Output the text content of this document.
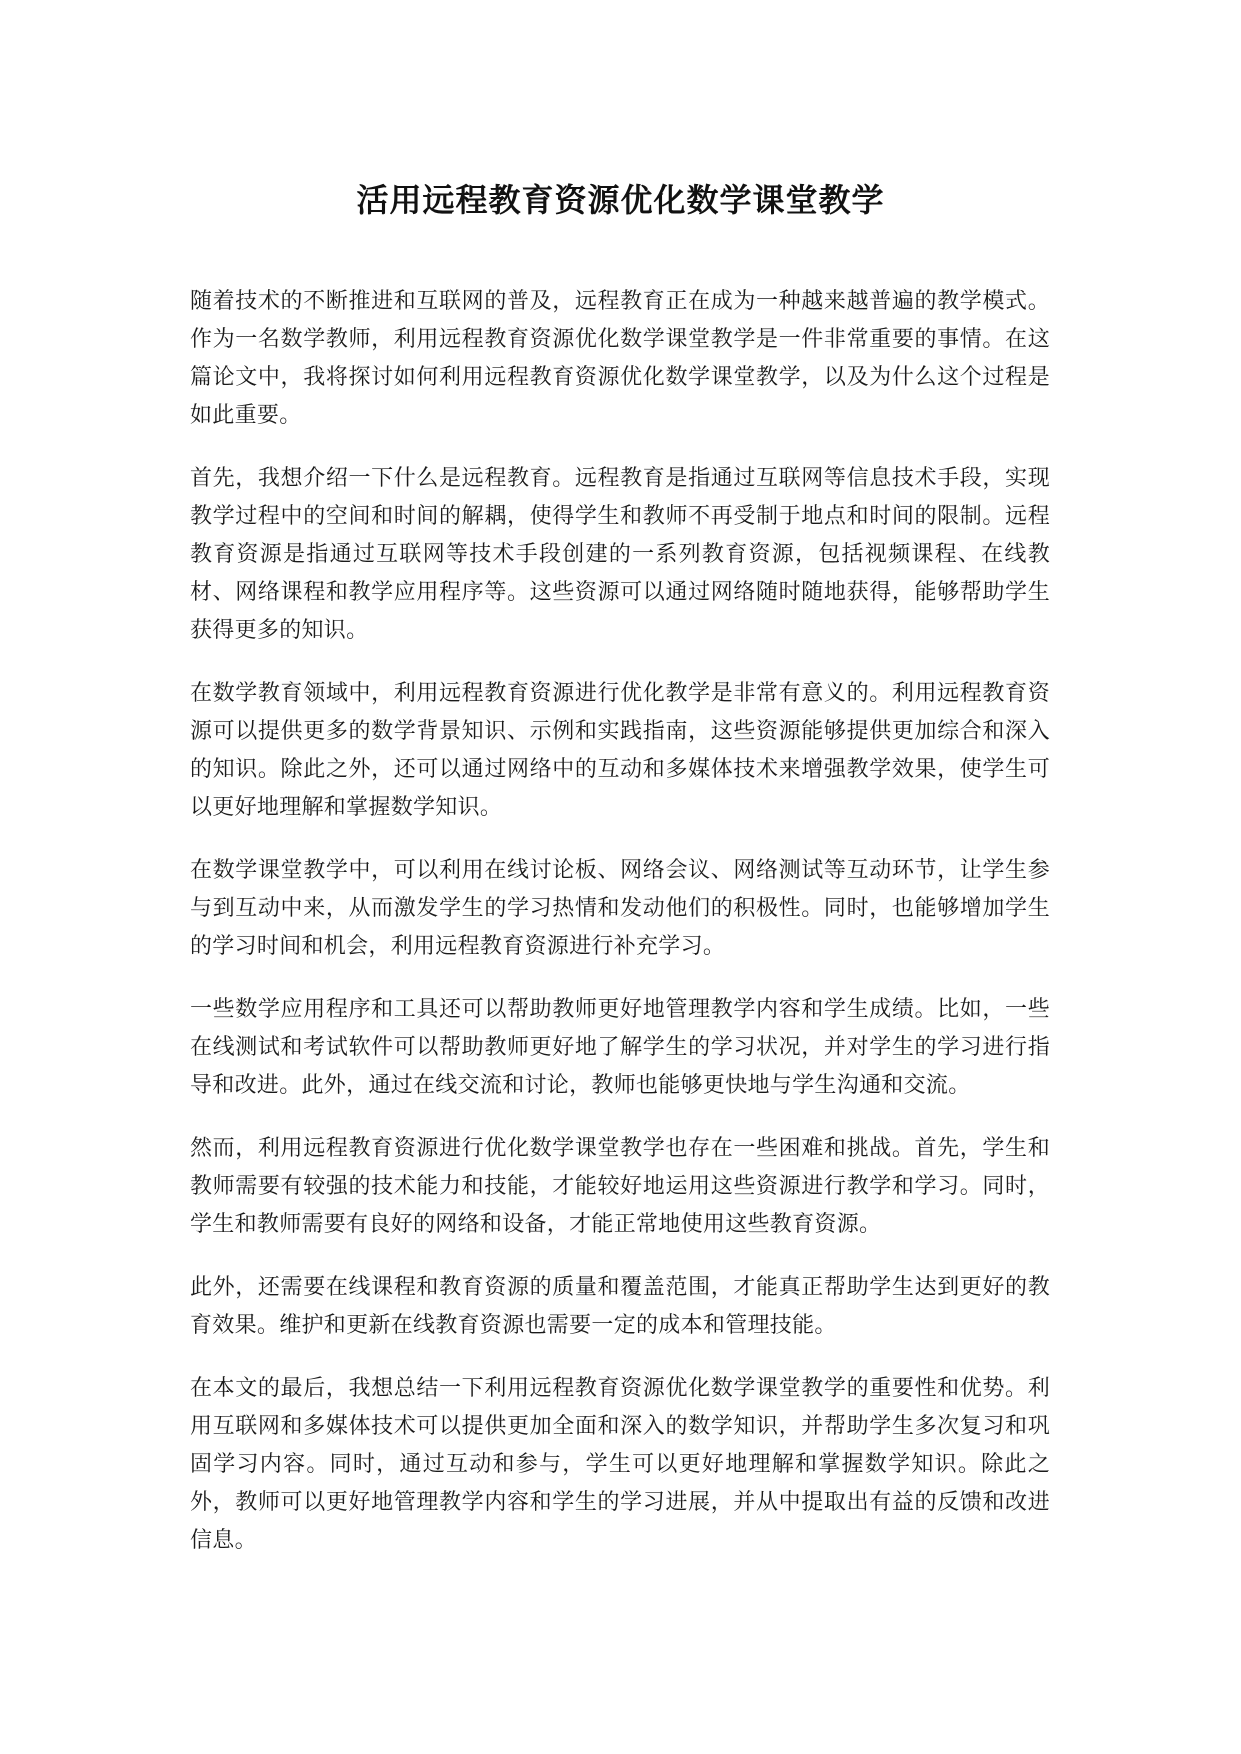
活用远程教育资源优化数学课堂教学

随着技术的不断推进和互联网的普及，远程教育正在成为一种越来越普遍的教学模式。作为一名数学教师，利用远程教育资源优化数学课堂教学是一件非常重要的事情。在这篇论文中，我将探讨如何利用远程教育资源优化数学课堂教学，以及为什么这个过程是如此重要。

首先，我想介绍一下什么是远程教育。远程教育是指通过互联网等信息技术手段，实现教学过程中的空间和时间的解耦，使得学生和教师不再受制于地点和时间的限制。远程教育资源是指通过互联网等技术手段创建的一系列教育资源，包括视频课程、在线教材、网络课程和教学应用程序等。这些资源可以通过网络随时随地获得，能够帮助学生获得更多的知识。

在数学教育领域中，利用远程教育资源进行优化教学是非常有意义的。利用远程教育资源可以提供更多的数学背景知识、示例和实践指南，这些资源能够提供更加综合和深入的知识。除此之外，还可以通过网络中的互动和多媒体技术来增强教学效果，使学生可以更好地理解和掌握数学知识。

在数学课堂教学中，可以利用在线讨论板、网络会议、网络测试等互动环节，让学生参与到互动中来，从而激发学生的学习热情和发动他们的积极性。同时，也能够增加学生的学习时间和机会，利用远程教育资源进行补充学习。

一些数学应用程序和工具还可以帮助教师更好地管理教学内容和学生成绩。比如，一些在线测试和考试软件可以帮助教师更好地了解学生的学习状况，并对学生的学习进行指导和改进。此外，通过在线交流和讨论，教师也能够更快地与学生沟通和交流。

然而，利用远程教育资源进行优化数学课堂教学也存在一些困难和挑战。首先，学生和教师需要有较强的技术能力和技能，才能较好地运用这些资源进行教学和学习。同时，学生和教师需要有良好的网络和设备，才能正常地使用这些教育资源。

此外，还需要在线课程和教育资源的质量和覆盖范围，才能真正帮助学生达到更好的教育效果。维护和更新在线教育资源也需要一定的成本和管理技能。

在本文的最后，我想总结一下利用远程教育资源优化数学课堂教学的重要性和优势。利用互联网和多媒体技术可以提供更加全面和深入的数学知识，并帮助学生多次复习和巩固学习内容。同时，通过互动和参与，学生可以更好地理解和掌握数学知识。除此之外，教师可以更好地管理教学内容和学生的学习进展，并从中提取出有益的反馈和改进信息。
